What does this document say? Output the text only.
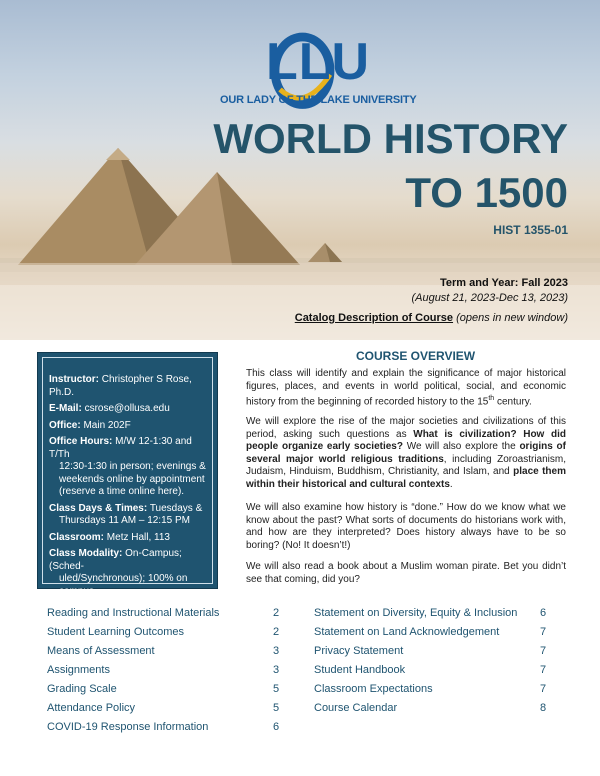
LLU
OUR LADY OF THE LAKE UNIVERSITY
WORLD HISTORY
TO 1500
HIST 1355-01
Term and Year: Fall 2023
(August 21, 2023-Dec 13, 2023)
Catalog Description of Course (opens in new window)
Instructor: Christopher S Rose, Ph.D.
E-Mail: csrose@ollusa.edu
Office: Main 202F
Office Hours: M/W 12-1:30 and T/Th
12:30-1:30 in person; evenings & weekends online by appointment (reserve a time online here).
Class Days & Times: Tuesdays &
Thursdays 11 AM – 12:15 PM
Classroom: Metz Hall, 113
Class Modality: On-Campus; (Sched-
uled/Synchronous); 100% on campus
COURSE OVERVIEW
This class will identify and explain the significance of major historical figures, places, and events in world political, social, and economic history from the beginning of recorded history to the 15th century.
We will explore the rise of the major societies and civilizations of this period, asking such questions as What is civilization? How did people organize early societies? We will also explore the origins of several major world religious traditions, including Zoroastrianism, Judaism, Hinduism, Buddhism, Christianity, and Islam, and place them within their historical and cultural contexts.
We will also examine how history is “done.” How do we know what we know about the past? What sorts of documents do historians work with, and how are they interpreted? Does history always have to be so boring? (No! It doesn’t!)
We will also read a book about a Muslim woman pirate. Bet you didn’t see that coming, did you?
Reading and Instructional Materials	2
Student Learning Outcomes	2
Means of Assessment	3
Assignments	3
Grading Scale	5
Attendance Policy	5
COVID-19 Response Information	6
Statement on Diversity, Equity & Inclusion 6
Statement on Land Acknowledgement	7
Privacy Statement	7
Student Handbook	7
Classroom Expectations	7
Course Calendar	8
